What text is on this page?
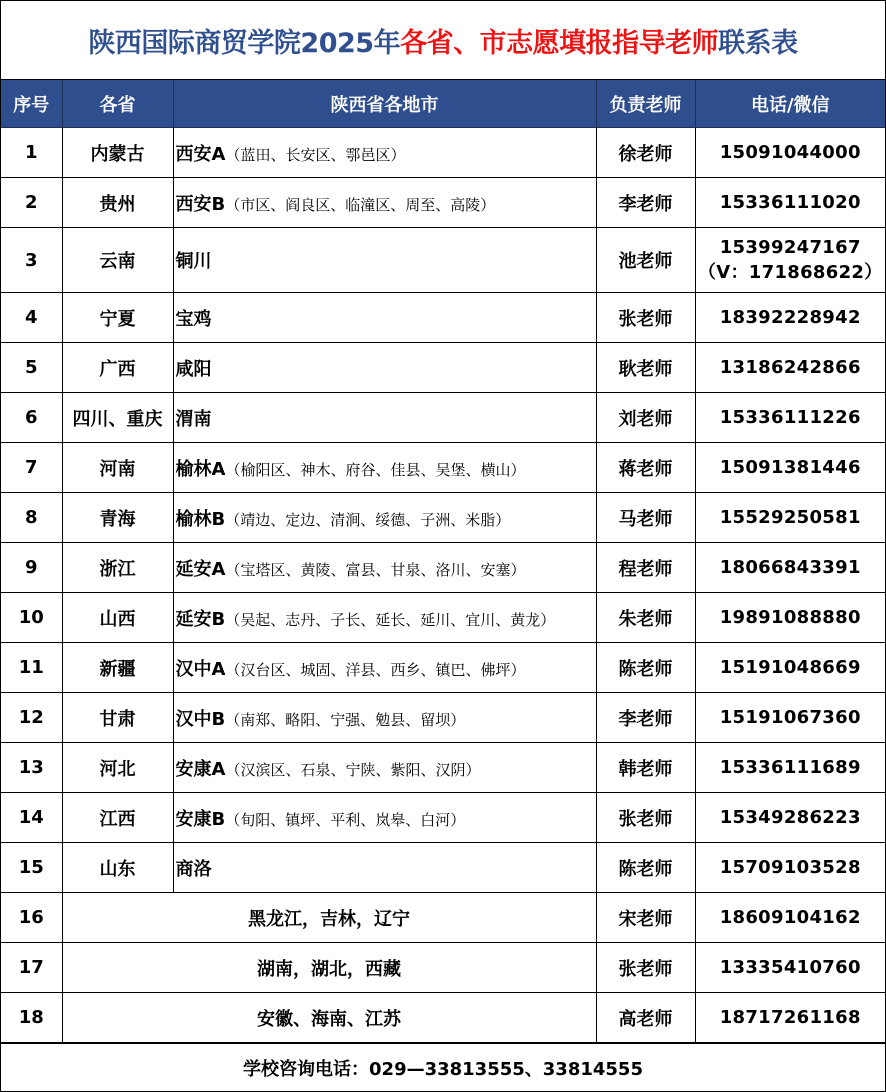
陕西国际商贸学院2025年 各省、市志愿填报指导老师 联系表
序号	各省	陕西省各地市	负责老师	电话/微信
1	内蒙古	西安A（蓝田、长安区、鄠邑区）	徐老师	15091044000
2	贵州	西安B（市区、阎良区、临潼区、周至、高陵）	李老师	15336111020
3	云南	铜川	池老师	15399247167
（V：171868622）

4	宁夏	宝鸡	张老师	18392228942
5	广西	咸阳	耿老师	13186242866
6	四川、重庆	渭南	刘老师	15336111226
7	河南	榆林A（榆阳区、神木、府谷、佳县、吴堡、横山）	蒋老师	15091381446
8	青海	榆林B（靖边、定边、清涧、绥德、子洲、米脂）	马老师	15529250581
9	浙江	延安A（宝塔区、黄陵、富县、甘泉、洛川、安塞）	程老师	18066843391
10	山西	延安B（吴起、志丹、子长、延长、延川、宜川、黄龙）	朱老师	19891088880
11	新疆	汉中A（汉台区、城固、洋县、西乡、镇巴、佛坪）	陈老师	15191048669
12	甘肃	汉中B（南郑、略阳、宁强、勉县、留坝）	李老师	15191067360
13	河北	安康A（汉滨区、石泉、宁陕、紫阳、汉阴）	韩老师	15336111689
14	江西	安康B（旬阳、镇坪、平利、岚皋、白河）	张老师	15349286223
15	山东	商洛	陈老师	15709103528
16	黑龙江，吉林，辽宁		宋老师	18609104162
17	湖南，湖北，西藏		张老师	13335410760
18	安徽、海南、江苏		高老师	18717261168
学校咨询电话：029—33813555、33814555
